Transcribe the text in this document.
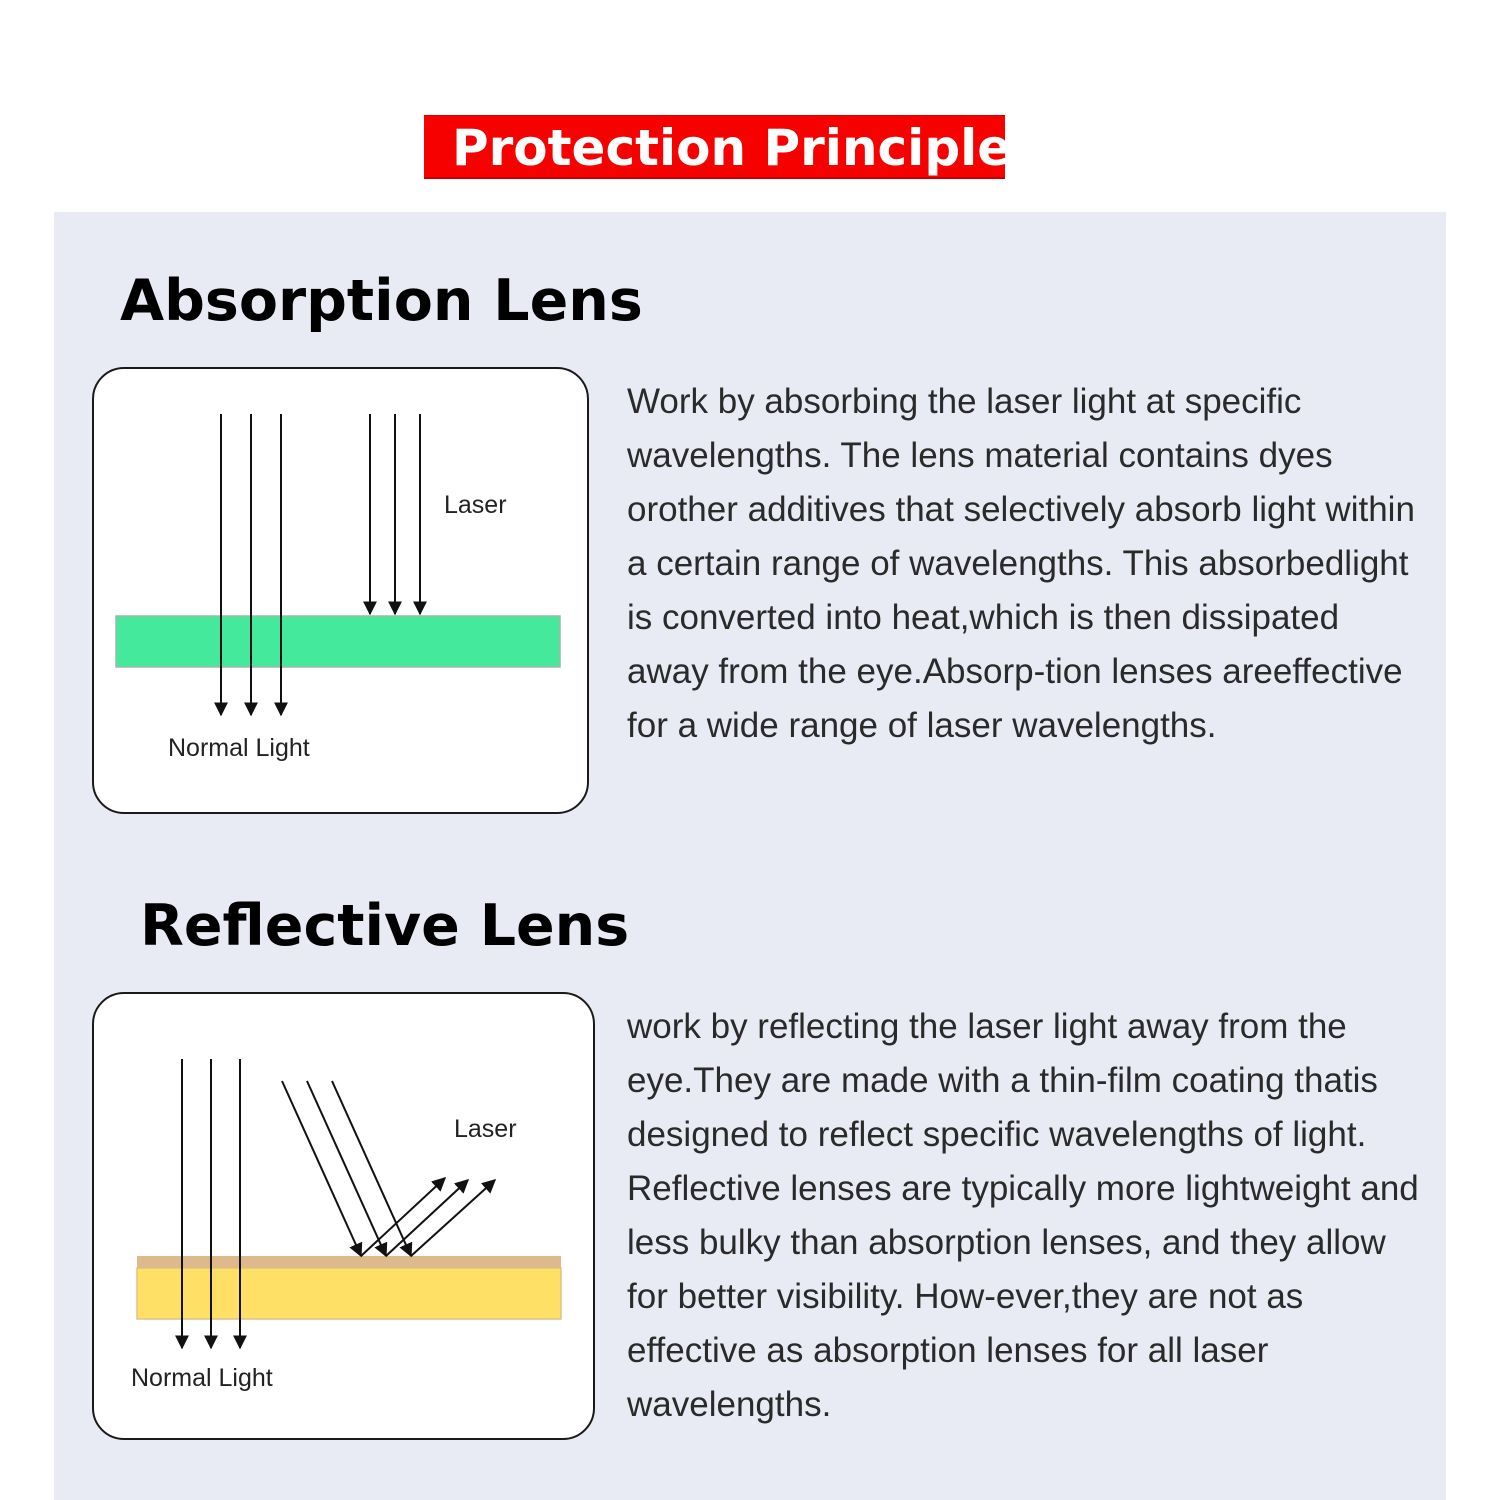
Protection Principle
Absorption Lens
Laser
Normal Light

Work by absorbing the laser light at specific wavelengths. The lens material contains dyes orother additives that selectively absorb light within a certain range of wavelengths. This absorbedlight is converted into heat,which is then dissipated away from the eye.Absorp-tion lenses areeffective for a wide range of laser wavelengths.

Reflective Lens
Laser
Normal Light

work by reflecting the laser light away from the eye.They are made with a thin-film coating thatis designed to reflect specific wavelengths of light. Reflective lenses are typically more lightweight and less bulky than absorption lenses, and they allow for better visibility. How-ever,they are not as effective as absorption lenses for all laser wavelengths.
